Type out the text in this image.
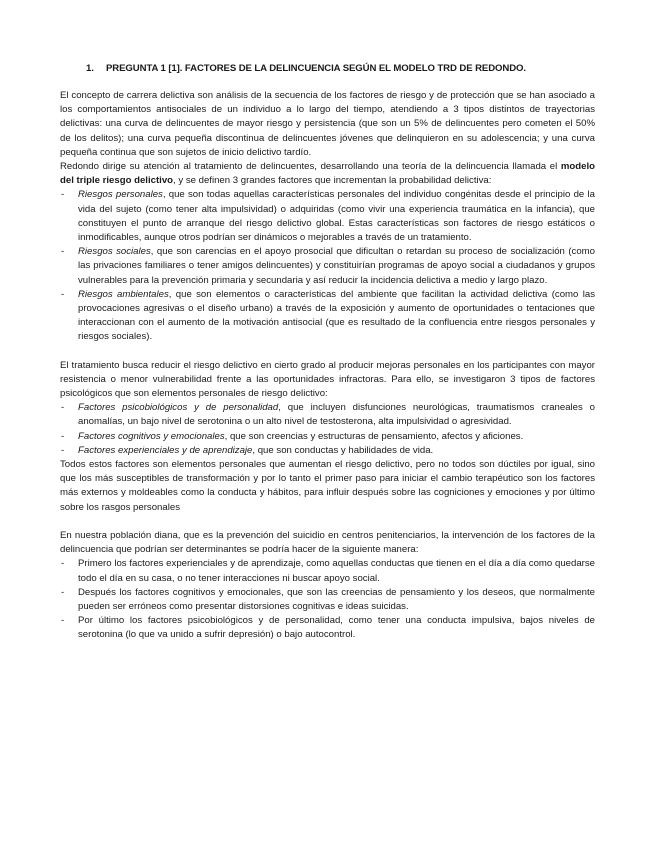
1. PREGUNTA 1 [1]. FACTORES DE LA DELINCUENCIA SEGÚN EL MODELO TRD DE REDONDO.

El concepto de carrera delictiva son análisis de la secuencia de los factores de riesgo y de protección que se han asociado a los comportamientos antisociales de un individuo a lo largo del tiempo, atendiendo a 3 tipos distintos de trayectorias delictivas: una curva de delincuentes de mayor riesgo y persistencia (que son un 5% de delincuentes pero cometen el 50% de los delitos); una curva pequeña discontinua de delincuentes jóvenes que delinquieron en su adolescencia; y una curva pequeña continua que son sujetos de inicio delictivo tardío.

Redondo dirige su atención al tratamiento de delincuentes, desarrollando una teoría de la delincuencia llamada el modelo del triple riesgo delictivo, y se definen 3 grandes factores que incrementan la probabilidad delictiva:

- Riesgos personales, que son todas aquellas características personales del individuo congénitas desde el principio de la vida del sujeto (como tener alta impulsividad) o adquiridas (como vivir una experiencia traumática en la infancia), que constituyen el punto de arranque del riesgo delictivo global. Estas características son factores de riesgo estáticos o inmodificables, aunque otros podrían ser dinámicos o mejorables a través de un tratamiento.
- Riesgos sociales, que son carencias en el apoyo prosocial que dificultan o retardan su proceso de socialización (como las privaciones familiares o tener amigos delincuentes) y constituirían programas de apoyo social a ciudadanos y grupos vulnerables para la prevención primaria y secundaria y así reducir la incidencia delictiva a medio y largo plazo.
- Riesgos ambientales, que son elementos o características del ambiente que facilitan la actividad delictiva (como las provocaciones agresivas o el diseño urbano) a través de la exposición y aumento de oportunidades o tentaciones que interaccionan con el aumento de la motivación antisocial (que es resultado de la confluencia entre riesgos personales y riesgos sociales).

El tratamiento busca reducir el riesgo delictivo en cierto grado al producir mejoras personales en los participantes con mayor resistencia o menor vulnerabilidad frente a las oportunidades infractoras. Para ello, se investigaron 3 tipos de factores psicológicos que son elementos personales de riesgo delictivo:

- Factores psicobiológicos y de personalidad, que incluyen disfunciones neurológicas, traumatismos craneales o anomalías, un bajo nivel de serotonina o un alto nivel de testosterona, alta impulsividad o agresividad.
- Factores cognitivos y emocionales, que son creencias y estructuras de pensamiento, afectos y aficiones.
- Factores experienciales y de aprendizaje, que son conductas y habilidades de vida.

Todos estos factores son elementos personales que aumentan el riesgo delictivo, pero no todos son dúctiles por igual, sino que los más susceptibles de transformación y por lo tanto el primer paso para iniciar el cambio terapéutico son los factores más externos y moldeables como la conducta y hábitos, para influir después sobre las cogniciones y emociones y por último sobre los rasgos personales

En nuestra población diana, que es la prevención del suicidio en centros penitenciarios, la intervención de los factores de la delincuencia que podrían ser determinantes se podría hacer de la siguiente manera:

- Primero los factores experienciales y de aprendizaje, como aquellas conductas que tienen en el día a día como quedarse todo el día en su casa, o no tener interacciones ni buscar apoyo social.
- Después los factores cognitivos y emocionales, que son las creencias de pensamiento y los deseos, que normalmente pueden ser erróneos como presentar distorsiones cognitivas e ideas suicidas.
- Por último los factores psicobiológicos y de personalidad, como tener una conducta impulsiva, bajos niveles de serotonina (lo que va unido a sufrir depresión) o bajo autocontrol.
